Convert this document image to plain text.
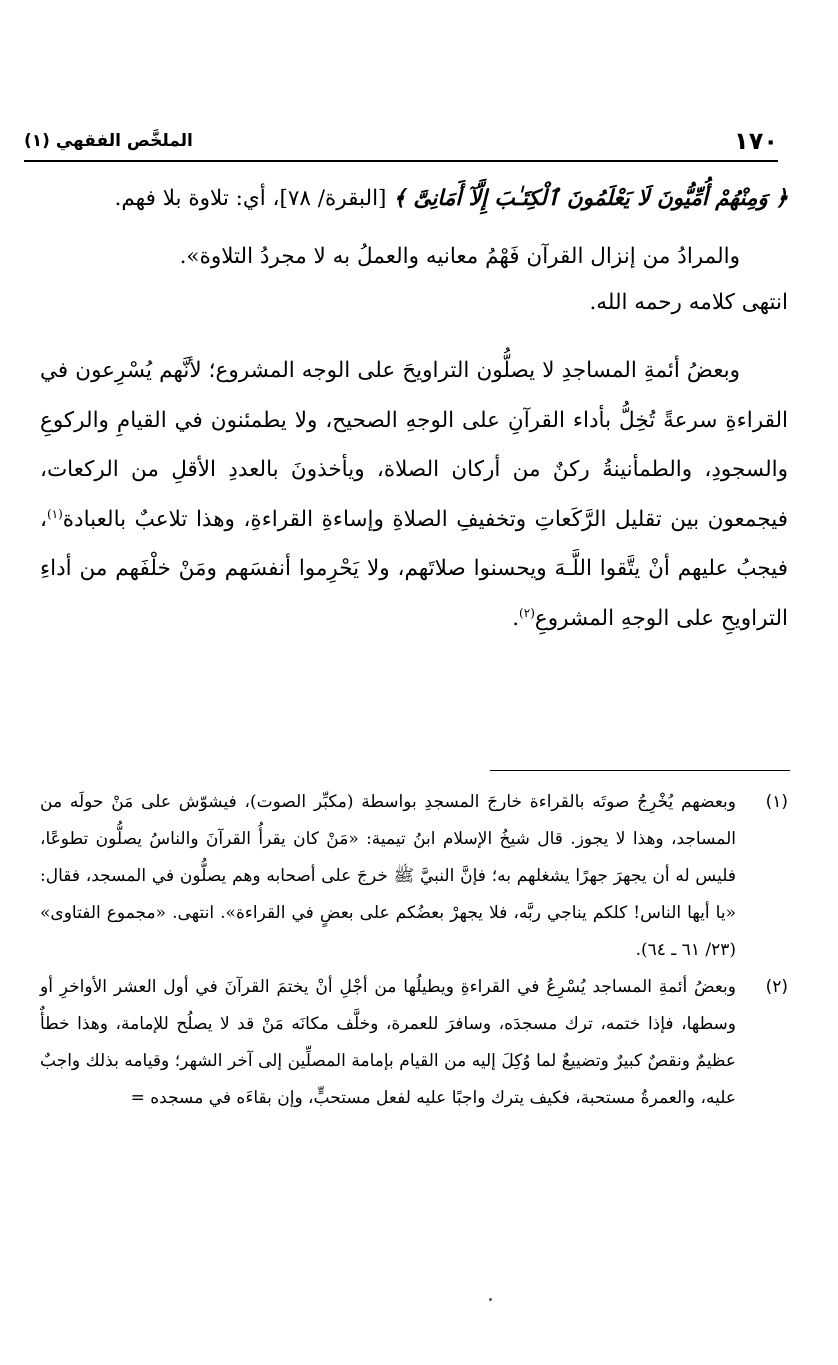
١٧٠
الملخَّص الفقهي (١)

﴿ وَمِنْهُمْ أُمِّيُّونَ لَا يَعْلَمُونَ ٱلْكِتَـٰبَ إِلَّآ أَمَانِىَّ ﴾ [البقرة/ ٧٨]، أي: تلاوة بلا فهم.

والمرادُ من إنزال القرآن فَهْمُ معانيه والعملُ به لا مجردُ التلاوة».

انتهى كلامه رحمه الله.

وبعضُ أئمةِ المساجدِ لا يصلُّون التراويحَ على الوجه المشروع؛ لأنَّهم يُسْرِعون في القراءةِ سرعةً تُخِلُّ بأداء القرآنِ على الوجهِ الصحيح، ولا يطمئنون في القيامِ والركوعِ والسجودِ، والطمأنينةُ ركنٌ من أركان الصلاة، ويأخذونَ بالعددِ الأقلِ من الركعات، فيجمعون بين تقليل الرَّكَعاتِ وتخفيفِ الصلاةِ وإساءةِ القراءةِ، وهذا تلاعبٌ بالعبادة$^{(١)}$، فيجبُ عليهم أنْ يتَّقوا اللَّـهَ ويحسنوا صلاتَهم، ولا يَحْرِموا أنفسَهم ومَنْ خلْفَهم من أداءِ التراويحِ على الوجهِ المشروعِ$^{(٢)}$.

(١)
وبعضهم يُخْرِجُ صوتَه بالقراءة خارجَ المسجدِ بواسطة (مكبِّر الصوت)، فيشوّش على مَنْ حولَه من المساجد، وهذا لا يجوز. قال شيخُ الإسلام ابنُ تيمية: «مَنْ كان يقرأُ القرآنَ والناسُ يصلُّون تطوعًا، فليس له أن يجهرَ جهرًا يشغلهم به؛ فإنَّ النبيَّ ﷺ خرجَ على أصحابه وهم يصلُّون في المسجد، فقال: «يا أيها الناس! كلكم يناجي ربَّه، فلا يجهرْ بعضُكم على بعضٍ في القراءة». انتهى. «مجموع الفتاوى» (٢٣/ ٦١ ـ ٦٤).
(٢)
وبعضُ أئمةِ المساجد يُسْرِعُ في القراءةِ ويطيلُها من أجْلِ أنْ يختمَ القرآنَ في أول العشر الأواخرِ أو وسطها، فإذا ختمه، ترك مسجدَه، وسافرَ للعمرة، وخلَّف مكانَه مَنْ قد لا يصلُح للإمامة، وهذا خطأٌ عظيمٌ ونقصٌ كبيرٌ وتضييعٌ لما وُكِلَ إليه من القيام بإمامة المصلِّين إلى آخر الشهر؛ وقيامه بذلك واجبٌ عليه، والعمرةُ مستحبة، فكيف يترك واجبًا عليه لفعل مستحبٍّ، وإن بقاءَه في مسجده =
